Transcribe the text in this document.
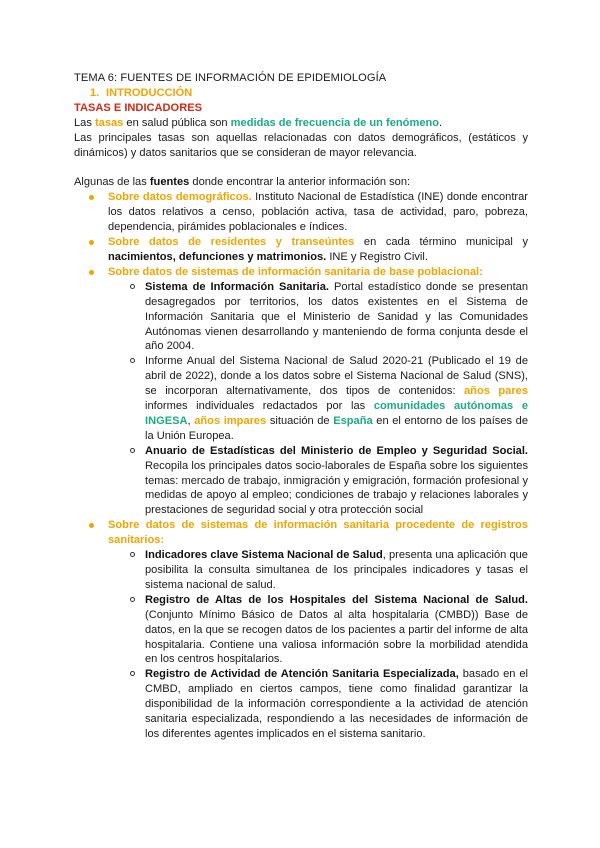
TEMA 6: FUENTES DE INFORMACIÓN DE EPIDEMIOLOGÍA

1. INTRODUCCIÓN

TASAS E INDICADORES

Las tasas en salud pública son medidas de frecuencia de un fenómeno.

Las principales tasas son aquellas relacionadas con datos demográficos, (estáticos y dinámicos) y datos sanitarios que se consideran de mayor relevancia.

Algunas de las fuentes donde encontrar la anterior información son:

Sobre datos demográficos. Instituto Nacional de Estadística (INE) donde encontrar los datos relativos a censo, población activa, tasa de actividad, paro, pobreza, dependencia, pirámides poblacionales e índices.
Sobre datos de residentes y transeúntes en cada término municipal y nacimientos, defunciones y matrimonios. INE y Registro Civil.
Sobre datos de sistemas de información sanitaria de base poblacional:
Sistema de Información Sanitaria. Portal estadístico donde se presentan desagregados por territorios, los datos existentes en el Sistema de Información Sanitaria que el Ministerio de Sanidad y las Comunidades Autónomas vienen desarrollando y manteniendo de forma conjunta desde el año 2004.
Informe Anual del Sistema Nacional de Salud 2020-21 (Publicado el 19 de abril de 2022), donde a los datos sobre el Sistema Nacional de Salud (SNS), se incorporan alternativamente, dos tipos de contenidos: años pares informes individuales redactados por las comunidades autónomas e INGESA, años impares situación de España en el entorno de los países de la Unión Europea.
Anuario de Estadísticas del Ministerio de Empleo y Seguridad Social. Recopila los principales datos socio-laborales de España sobre los siguientes temas: mercado de trabajo, inmigración y emigración, formación profesional y medidas de apoyo al empleo; condiciones de trabajo y relaciones laborales y prestaciones de seguridad social y otra protección social
Sobre datos de sistemas de información sanitaria procedente de registros sanitarios:
Indicadores clave Sistema Nacional de Salud, presenta una aplicación que posibilita la consulta simultanea de los principales indicadores y tasas el sistema nacional de salud.
Registro de Altas de los Hospitales del Sistema Nacional de Salud. (Conjunto Mínimo Básico de Datos al alta hospitalaria (CMBD)) Base de datos, en la que se recogen datos de los pacientes a partir del informe de alta hospitalaria. Contiene una valiosa información sobre la morbilidad atendida en los centros hospitalarios.
Registro de Actividad de Atención Sanitaria Especializada, basado en el CMBD, ampliado en ciertos campos, tiene como finalidad garantizar la disponibilidad de la información correspondiente a la actividad de atención sanitaria especializada, respondiendo a las necesidades de información de los diferentes agentes implicados en el sistema sanitario.
